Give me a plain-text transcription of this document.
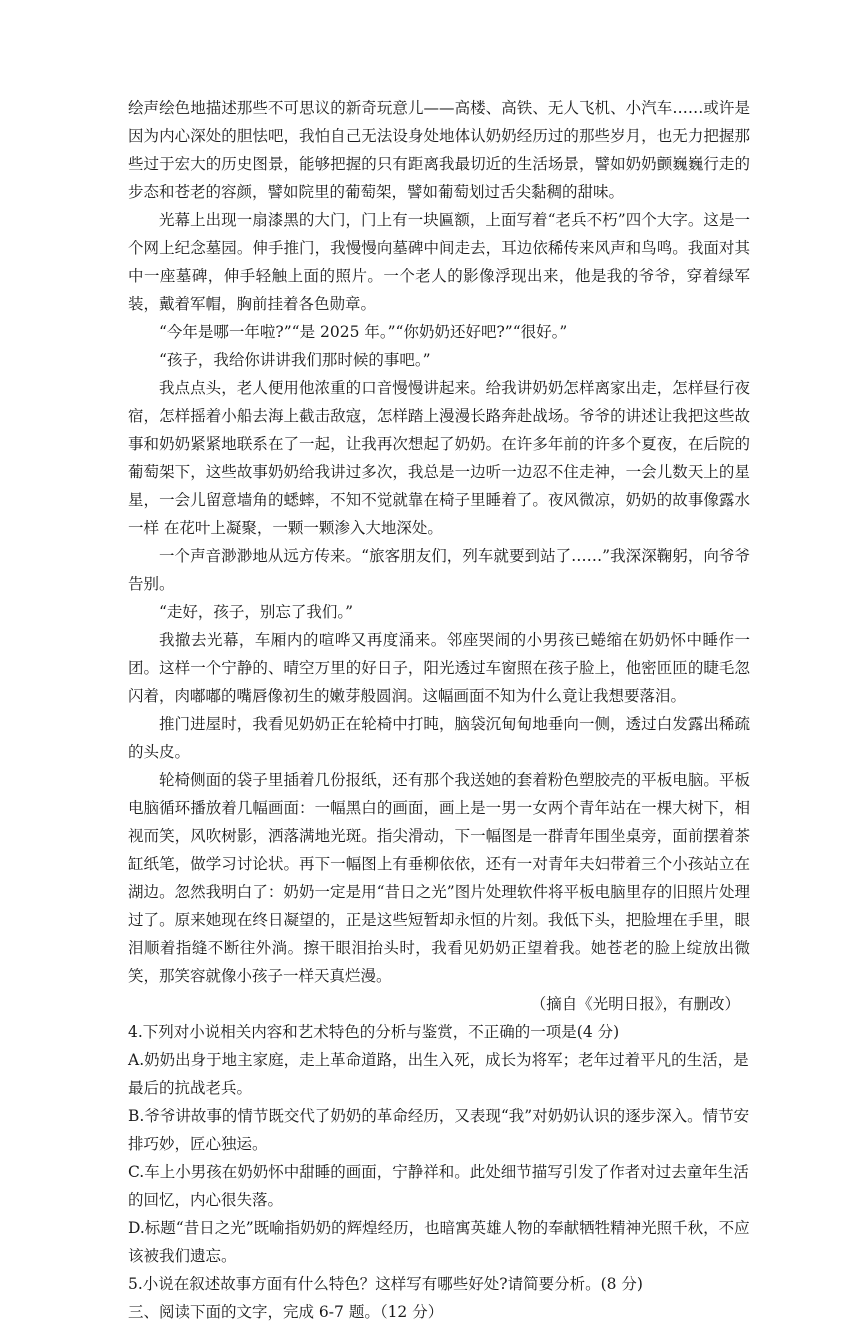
绘声绘色地描述那些不可思议的新奇玩意儿——高楼、高铁、无人飞机、小汽车……或许是因为内心深处的胆怯吧，我怕自己无法设身处地体认奶奶经历过的那些岁月，也无力把握那些过于宏大的历史图景，能够把握的只有距离我最切近的生活场景，譬如奶奶颤巍巍行走的步态和苍老的容颜，譬如院里的葡萄架，譬如葡萄划过舌尖黏稠的甜味。

光幕上出现一扇漆黑的大门，门上有一块匾额，上面写着“老兵不朽”四个大字。这是一个网上纪念墓园。伸手推门，我慢慢向墓碑中间走去，耳边依稀传来风声和鸟鸣。我面对其中一座墓碑，伸手轻触上面的照片。一个老人的影像浮现出来，他是我的爷爷，穿着绿军装，戴着军帽，胸前挂着各色勋章。

“今年是哪一年啦?”“是 2025 年。”“你奶奶还好吧?”“很好。”

“孩子，我给你讲讲我们那时候的事吧。”

我点点头，老人便用他浓重的口音慢慢讲起来。给我讲奶奶怎样离家出走，怎样昼行夜宿，怎样摇着小船去海上截击敌寇，怎样踏上漫漫长路奔赴战场。爷爷的讲述让我把这些故事和奶奶紧紧地联系在了一起，让我再次想起了奶奶。在许多年前的许多个夏夜，在后院的葡萄架下，这些故事奶奶给我讲过多次，我总是一边听一边忍不住走神，一会儿数天上的星星，一会儿留意墙角的蟋蟀，不知不觉就靠在椅子里睡着了。夜风微凉，奶奶的故事像露水一样 在花叶上凝聚，一颗一颗渗入大地深处。

一个声音渺渺地从远方传来。“旅客朋友们，列车就要到站了……”我深深鞠躬，向爷爷告别。

“走好，孩子，别忘了我们。”

我撤去光幕，车厢内的喧哗又再度涌来。邻座哭闹的小男孩已蜷缩在奶奶怀中睡作一团。这样一个宁静的、晴空万里的好日子，阳光透过车窗照在孩子脸上，他密匝匝的睫毛忽闪着，肉嘟嘟的嘴唇像初生的嫩芽般圆润。这幅画面不知为什么竟让我想要落泪。

推门进屋时，我看见奶奶正在轮椅中打盹，脑袋沉甸甸地垂向一侧，透过白发露出稀疏的头皮。

轮椅侧面的袋子里插着几份报纸，还有那个我送她的套着粉色塑胶壳的平板电脑。平板电脑循环播放着几幅画面：一幅黑白的画面，画上是一男一女两个青年站在一棵大树下，相视而笑，风吹树影，洒落满地光斑。指尖滑动，下一幅图是一群青年围坐桌旁，面前摆着茶缸纸笔，做学习讨论状。再下一幅图上有垂柳依依，还有一对青年夫妇带着三个小孩站立在湖边。忽然我明白了：奶奶一定是用“昔日之光”图片处理软件将平板电脑里存的旧照片处理过了。原来她现在终日凝望的，正是这些短暂却永恒的片刻。我低下头，把脸埋在手里，眼泪顺着指缝不断往外淌。擦干眼泪抬头时，我看见奶奶正望着我。她苍老的脸上绽放出微笑，那笑容就像小孩子一样天真烂漫。

（摘自《光明日报》，有删改）

4.下列对小说相关内容和艺术特色的分析与鉴赏，不正确的一项是(4 分)

A.奶奶出身于地主家庭，走上革命道路，出生入死，成长为将军；老年过着平凡的生活，是最后的抗战老兵。

B.爷爷讲故事的情节既交代了奶奶的革命经历，又表现“我”对奶奶认识的逐步深入。情节安排巧妙，匠心独运。

C.车上小男孩在奶奶怀中甜睡的画面，宁静祥和。此处细节描写引发了作者对过去童年生活的回忆，内心很失落。

D.标题“昔日之光”既喻指奶奶的辉煌经历，也暗寓英雄人物的奉献牺牲精神光照千秋，不应该被我们遗忘。

5.小说在叙述故事方面有什么特色？这样写有哪些好处?请简要分析。(8 分)

三、阅读下面的文字，完成 6-7 题。（12 分）
